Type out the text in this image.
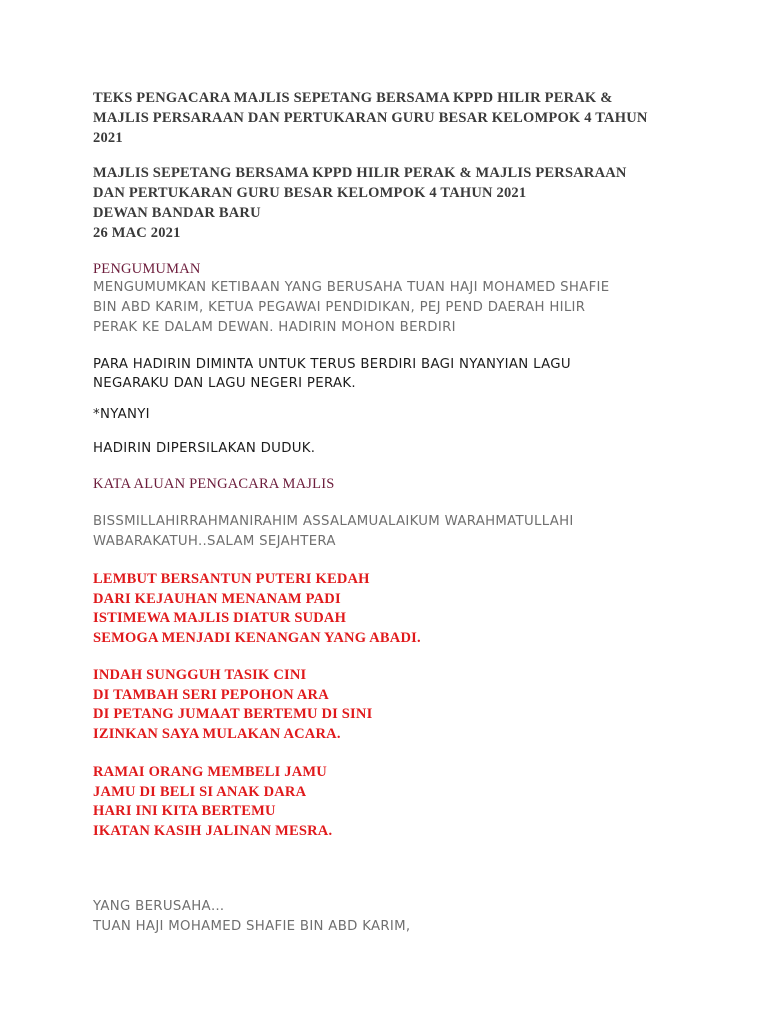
TEKS PENGACARA MAJLIS SEPETANG BERSAMA KPPD HILIR PERAK &
MAJLIS PERSARAAN DAN PERTUKARAN GURU BESAR KELOMPOK 4 TAHUN
2021
MAJLIS SEPETANG BERSAMA KPPD HILIR PERAK & MAJLIS PERSARAAN
DAN PERTUKARAN GURU BESAR KELOMPOK 4 TAHUN 2021
DEWAN BANDAR BARU
26 MAC 2021
PENGUMUMAN
MENGUMUMKAN KETIBAAN YANG BERUSAHA TUAN HAJI MOHAMED SHAFIE
BIN ABD KARIM, KETUA PEGAWAI PENDIDIKAN, PEJ PEND DAERAH HILIR
PERAK KE DALAM DEWAN. HADIRIN MOHON BERDIRI
PARA HADIRIN DIMINTA UNTUK TERUS BERDIRI BAGI NYANYIAN LAGU
NEGARAKU DAN LAGU NEGERI PERAK.
*NYANYI
HADIRIN DIPERSILAKAN DUDUK.
KATA ALUAN PENGACARA MAJLIS
BISSMILLAHIRRAHMANIRAHIM ASSALAMUALAIKUM WARAHMATULLAHI
WABARAKATUH..SALAM SEJAHTERA
LEMBUT BERSANTUN PUTERI KEDAH
DARI KEJAUHAN MENANAM PADI
ISTIMEWA MAJLIS DIATUR SUDAH
SEMOGA MENJADI KENANGAN YANG ABADI.
INDAH SUNGGUH TASIK CINI
DI TAMBAH SERI PEPOHON ARA
DI PETANG JUMAAT BERTEMU DI SINI
IZINKAN SAYA MULAKAN ACARA.
RAMAI ORANG MEMBELI JAMU
JAMU DI BELI SI ANAK DARA
HARI INI KITA BERTEMU
IKATAN KASIH JALINAN MESRA.
YANG BERUSAHA…
TUAN HAJI MOHAMED SHAFIE BIN ABD KARIM,
